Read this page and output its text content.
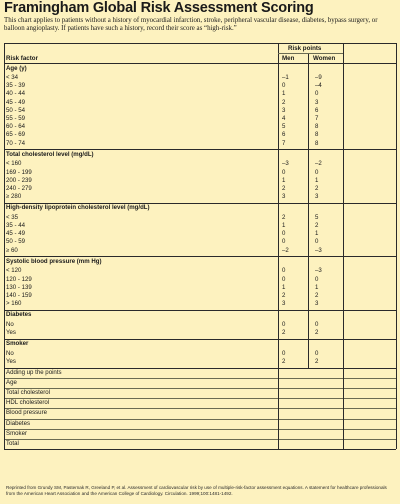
Framingham Global Risk Assessment Scoring
This chart applies to patients without a history of myocardial infarction, stroke, peripheral vascular disease, diabetes, bypass surgery, or balloon angioplasty. If patients have such a history, record their score as “high-risk.”
Risk points
Risk factor	Men	Women
Age (y)
< 34	–1	–9
35 - 39	0	–4
40 - 44	1	0
45 - 49	2	3
50 - 54	3	6
55 - 59	4	7
60 - 64	5	8
65 - 69	6	8
70 - 74	7	8
Total cholesterol level (mg/dL)
< 160	–3	–2
169 - 199	0	0
200 - 239	1	1
240 - 279	2	2
≥ 280	3	3
High-density lipoprotein cholesterol level (mg/dL)
< 35	2	5
35 - 44	1	2
45 - 49	0	1
50 - 59	0	0
≥ 60	–2	–3
Systolic blood pressure (mm Hg)
< 120	0	–3
120 - 129	0	0
130 - 139	1	1
140 - 159	2	2
> 160	3	3
Diabetes
No	0	0
Yes	2	2
Smoker
No	0	0
Yes	2	2
Adding up the points
Age
Total cholesterol
HDL cholesterol
Blood pressure
Diabetes
Smoker
Total
Reprinted from Grundy SM, Pasternak R, Greeland P, et al. Assessment of cardiovascular risk by use of multiple-risk-factor assessment equations. A statement for healthcare professionals from the American Heart Association and the American College of Cardiology. Circulation. 1999;100:1481-1492.
